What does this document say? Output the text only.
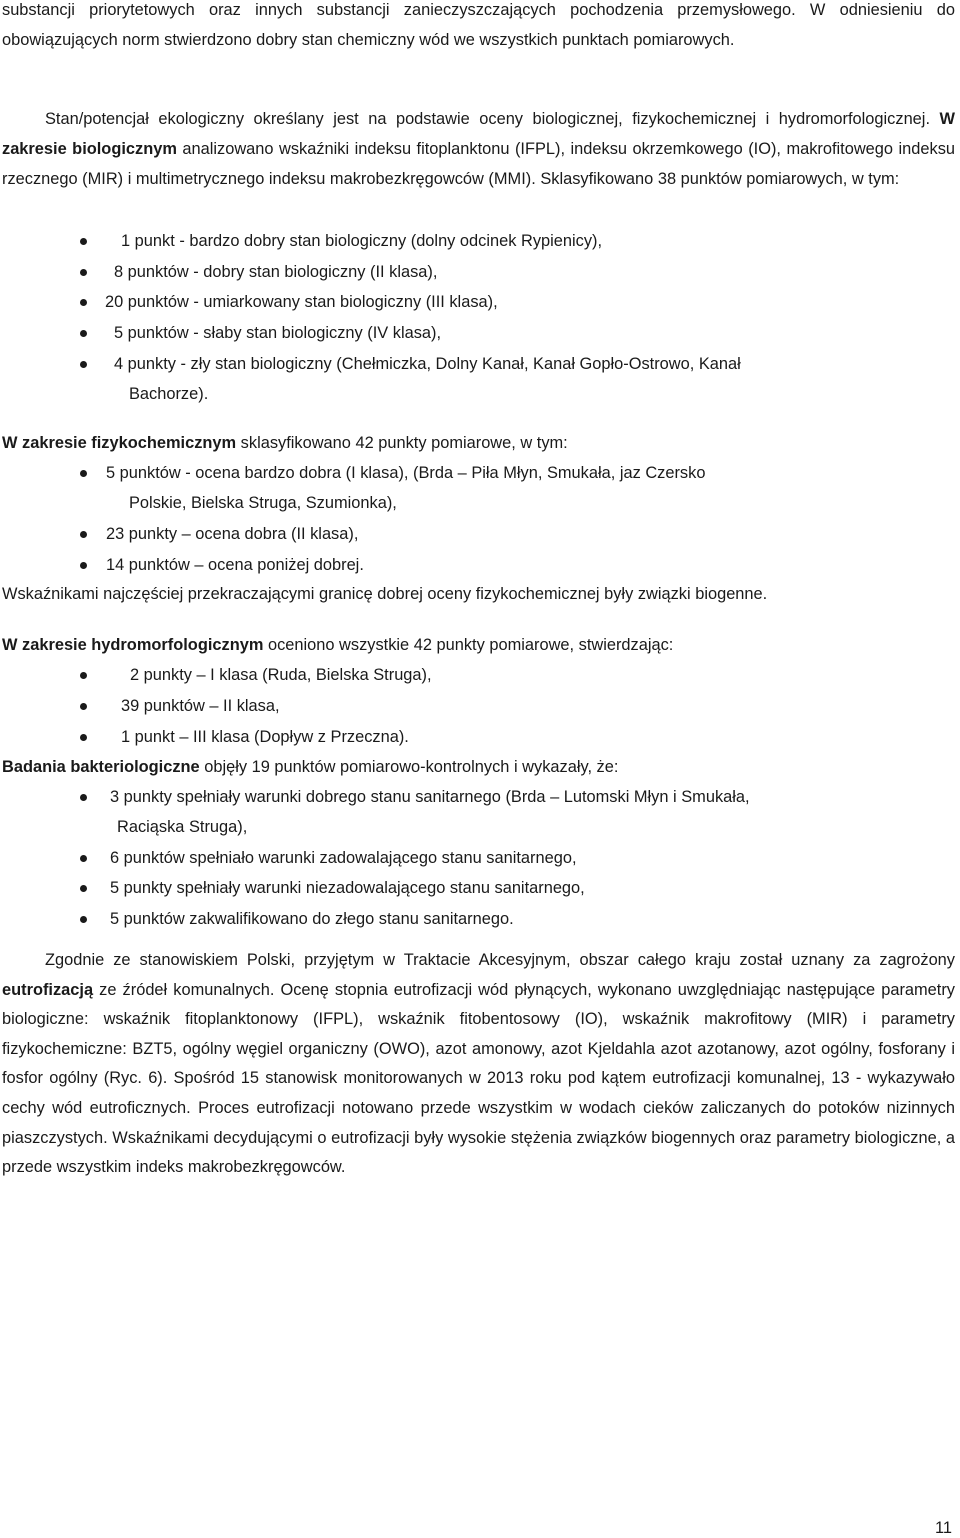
substancji priorytetowych oraz innych substancji zanieczyszczających pochodzenia przemysłowego. W odniesieniu do obowiązujących norm stwierdzono dobry stan chemiczny wód we wszystkich punktach pomiarowych.

Stan/potencjał ekologiczny określany jest na podstawie oceny biologicznej, fizykochemicznej i hydromorfologicznej. W zakresie biologicznym analizowano wskaźniki indeksu fitoplanktonu (IFPL), indeksu okrzemkowego (IO), makrofitowego indeksu rzecznego (MIR) i multimetrycznego indeksu makrobezkręgowców (MMI). Sklasyfikowano 38 punktów pomiarowych, w tym:

1 punkt - bardzo dobry stan biologiczny (dolny odcinek Rypienicy),

8 punktów - dobry stan biologiczny (II klasa),

20 punktów - umiarkowany stan biologiczny (III klasa),

5 punktów - słaby stan biologiczny (IV klasa),

4 punkty - zły stan biologiczny (Chełmiczka, Dolny Kanał, Kanał Gopło-Ostrowo, Kanał

Bachorze).

W zakresie fizykochemicznym sklasyfikowano 42 punkty pomiarowe, w tym:

5 punktów - ocena bardzo dobra (I klasa), (Brda – Piła Młyn, Smukała, jaz Czersko

Polskie, Bielska Struga, Szumionka),

23 punkty – ocena dobra (II klasa),

14 punktów – ocena poniżej dobrej.

Wskaźnikami najczęściej przekraczającymi granicę dobrej oceny fizykochemicznej były związki biogenne.

W zakresie hydromorfologicznym oceniono wszystkie 42 punkty pomiarowe, stwierdzając:

2 punkty – I klasa (Ruda, Bielska Struga),

39 punktów – II klasa,

1 punkt – III klasa (Dopływ z Przeczna).

Badania bakteriologiczne objęły 19 punktów pomiarowo-kontrolnych i wykazały, że:

3 punkty spełniały warunki dobrego stanu sanitarnego (Brda – Lutomski Młyn i Smukała,

Raciąska Struga),

6 punktów spełniało warunki zadowalającego stanu sanitarnego,

5 punkty spełniały warunki niezadowalającego stanu sanitarnego,

5 punktów zakwalifikowano do złego stanu sanitarnego.

Zgodnie ze stanowiskiem Polski, przyjętym w Traktacie Akcesyjnym, obszar całego kraju został uznany za zagrożony eutrofizacją ze źródeł komunalnych. Ocenę stopnia eutrofizacji wód płynących, wykonano uwzględniając następujące parametry biologiczne: wskaźnik fitoplanktonowy (IFPL), wskaźnik fitobentosowy (IO), wskaźnik makrofitowy (MIR) i parametry fizykochemiczne: BZT5, ogólny węgiel organiczny (OWO), azot amonowy, azot Kjeldahla azot azotanowy, azot ogólny, fosforany i fosfor ogólny (Ryc. 6). Spośród 15 stanowisk monitorowanych w 2013 roku pod kątem eutrofizacji komunalnej, 13 - wykazywało cechy wód eutroficznych. Proces eutrofizacji notowano przede wszystkim w wodach cieków zaliczanych do potoków nizinnych piaszczystych. Wskaźnikami decydującymi o eutrofizacji były wysokie stężenia związków biogennych oraz parametry biologiczne, a przede wszystkim indeks makrobezkręgowców.

11
